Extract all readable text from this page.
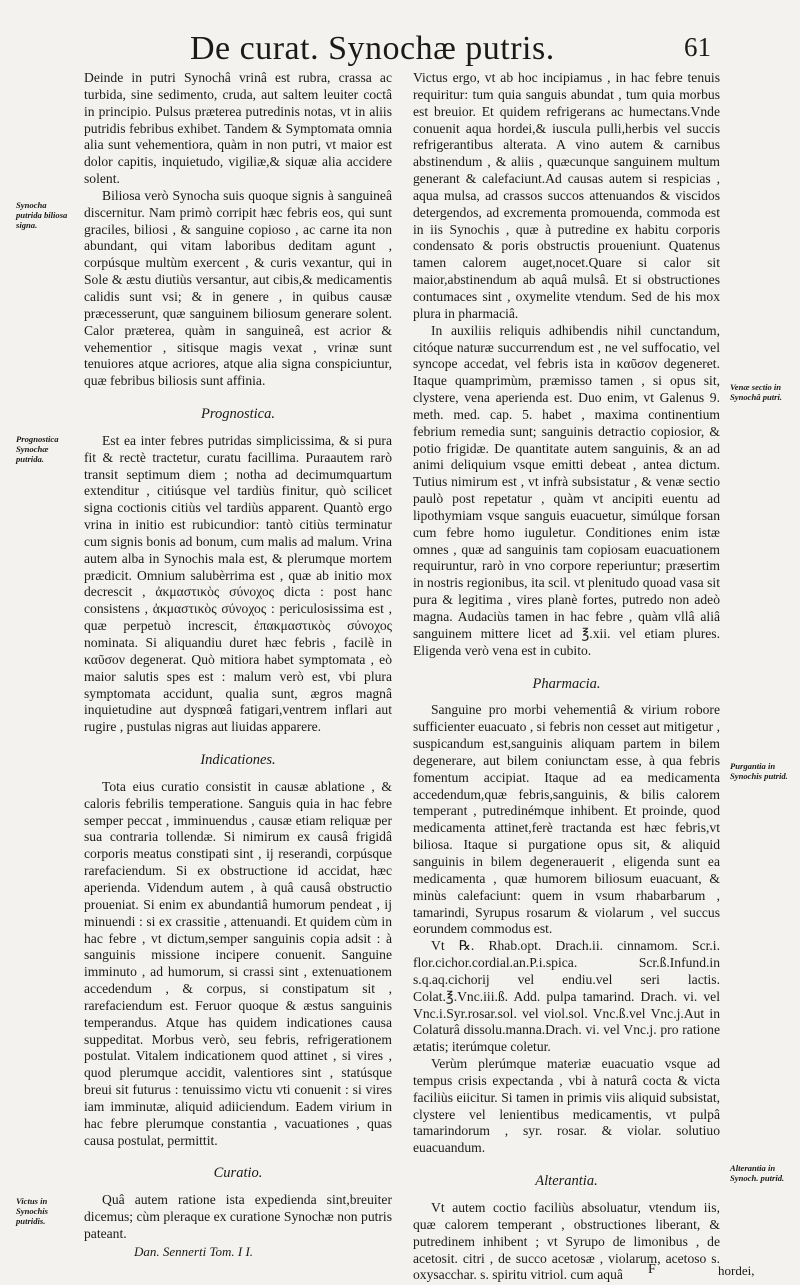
De curat. Synochæ putris.	61
Synocha putrida biliosa signa.
Prognostica Synochæ putrida.
Victus in Synochis putridis.
Venæ sectio in Synochâ putri.
Purgantia in Synochis putrid.
Alterantia in Synoch. putrid.

Deinde in putri Synochâ vrinâ est rubra, crassa ac turbida, sine sedimento, cruda, aut saltem leuiter coctâ in principio. Pulsus præterea putredinis notas, vt in aliis putridis febribus exhibet. Tandem & Symptomata omnia alia sunt vehementiora, quàm in non putri, vt maior est dolor capitis, inquietudo, vigiliæ,& siquæ alia accidere solent.

Biliosa verò Synocha suis quoque signis à sanguineâ discernitur. Nam primò corripit hæc febris eos, qui sunt graciles, biliosi , & sanguine copioso , ac carne ita non abundant, qui vitam laboribus deditam agunt , corpúsque multùm exercent , & curis vexantur, qui in Sole & æstu diutiùs versantur, aut cibis,& medicamentis calidis sunt vsi; & in genere , in quibus causæ præcesserunt, quæ sanguinem biliosum generare solent. Calor præterea, quàm in sanguineâ, est acrior & vehementior , sitisque magis vexat , vrinæ sunt tenuiores atque acriores, atque alia signa conspiciuntur, quæ febribus biliosis sunt affinia.

Prognostica.

Est ea inter febres putridas simplicissima, & si pura fit & rectè tractetur, curatu facillima. Puraautem rarò transit septimum diem ; notha ad decimumquartum extenditur , citiúsque vel tardiùs finitur, quò scilicet signa coctionis citiùs vel tardiùs apparent. Quantò ergo vrina in initio est rubicundior: tantò citiùs terminatur cum signis bonis ad bonum, cum malis ad malum. Vrina autem alba in Synochis mala est, & plerumque mortem prædicit. Omnium salubèrrima est , quæ ab initio mox decrescit , ἀκμαστικὸς σύνοχος dicta : post hanc consistens , ἀκμαστικὸς σύνοχος : periculosissima est , quæ perpetuò increscit, ἐπακμαστικὸς σύνοχος nominata. Si aliquandiu duret hæc febris , facilè in καῦσον degenerat. Quò mitiora habet symptomata , eò maior salutis spes est : malum verò est, vbi plura symptomata accidunt, qualia sunt, ægros magnâ inquietudine aut dyspnœâ fatigari,ventrem inflari aut rugire , pustulas nigras aut liuidas apparere.

Indicationes.

Tota eius curatio consistit in causæ ablatione , & caloris febrilis temperatione. Sanguis quia in hac febre semper peccat , imminuendus , causæ etiam reliquæ per sua contraria tollendæ. Si nimirum ex causâ frigidâ corporis meatus constipati sint , ij reserandi, corpúsque rarefaciendum. Si ex obstructione id accidat, hæc aperienda. Videndum autem , à quâ causâ obstructio proueniat. Si enim ex abundantiâ humorum pendeat , ij minuendi : si ex crassitie , attenuandi. Et quidem cùm in hac febre , vt dictum,semper sanguinis copia adsit : à sanguinis missione incipere conuenit. Sanguine imminuto , ad humorum, si crassi sint , extenuationem accedendum , & corpus, si constipatum sit , rarefaciendum est. Feruor quoque & æstus sanguinis temperandus. Atque has quidem indicationes causa suppeditat. Morbus verò, seu febris, refrigerationem postulat. Vitalem indicationem quod attinet , si vires , quod plerumque accidit, valentiores sint , statúsque breui sit futurus : tenuissimo victu vti conuenit : si vires iam imminutæ, aliquid adiiciendum. Eadem virium in hac febre plerumque constantia , vacuationes , quas causa postulat, permittit.

Curatio.

Quâ autem ratione ista expedienda sint,breuiter dicemus; cùm pleraque ex curatione Synochæ non putris pateant.

Victus ergo, vt ab hoc incipiamus , in hac febre tenuis requiritur: tum quia sanguis abundat , tum quia morbus est breuior. Et quidem refrigerans ac humectans.Vnde conuenit aqua hordei,& iuscula pulli,herbis vel succis refrigerantibus alterata. A vino autem & carnibus abstinendum , & aliis , quæcunque sanguinem multum generant & calefaciunt.Ad causas autem si respicias , aqua mulsa, ad crassos succos attenuandos & viscidos detergendos, ad excrementa promouenda, commoda est in iis Synochis , quæ à putredine ex habitu corporis condensato & poris obstructis proueniunt. Quatenus tamen calorem auget,nocet.Quare si calor sit maior,abstinendum ab aquâ mulsâ. Et si obstructiones contumaces sint , oxymelite vtendum. Sed de his mox plura in pharmaciâ.

In auxiliis reliquis adhibendis nihil cunctandum, citóque naturæ succurrendum est , ne vel suffocatio, vel syncope accedat, vel febris ista in καῦσον degeneret. Itaque quamprimùm, præmisso tamen , si opus sit, clystere, vena aperienda est. Duo enim, vt Galenus 9. meth. med. cap. 5. habet , maxima continentium febrium remedia sunt; sanguinis detractio copiosior, & potio frigidæ. De quantitate autem sanguinis, & an ad animi deliquium vsque emitti debeat , antea dictum. Tutius nimirum est , vt infrà subsistatur , & venæ sectio paulò post repetatur , quàm vt ancipiti euentu ad lipothymiam vsque sanguis euacuetur, simúlque forsan cum febre homo iuguletur. Conditiones enim istæ omnes , quæ ad sanguinis tam copiosam euacuationem requiruntur, rarò in vno corpore reperiuntur; præsertim in nostris regionibus, ita scil. vt plenitudo quoad vasa sit pura & legitima , vires planè fortes, putredo non adeò magna. Audaciùs tamen in hac febre , quàm vllâ aliâ sanguinem mittere licet ad ℥.xii. vel etiam plures. Eligenda verò vena est in cubito.

Pharmacia.

Sanguine pro morbi vehementiâ & virium robore sufficienter euacuato , si febris non cesset aut mitigetur , suspicandum est,sanguinis aliquam partem in bilem degenerare, aut bilem coniunctam esse, à qua febris fomentum accipiat. Itaque ad ea medicamenta accedendum,quæ febris,sanguinis, & bilis calorem temperant , putredinémque inhibent. Et proinde, quod medicamenta attinet,ferè tractanda est hæc febris,vt biliosa. Itaque si purgatione opus sit, & aliquid sanguinis in bilem degenerauerit , eligenda sunt ea medicamenta , quæ humorem biliosum euacuant, & minùs calefaciunt: quem in vsum rhabarbarum , tamarindi, Syrupus rosarum & violarum , vel succus eorundem commodus est.

Vt ℞. Rhab.opt. Drach.ii. cinnamom. Scr.i. flor.cichor.cordial.an.P.i.spica. Scr.ß.Infund.in s.q.aq.cichorij vel endiu.vel seri lactis. Colat.℥.Vnc.iii.ß. Add. pulpa tamarind. Drach. vi. vel Vnc.i.Syr.rosar.sol. vel viol.sol. Vnc.ß.vel Vnc.j.Aut in Colaturâ dissolu.manna.Drach. vi. vel Vnc.j. pro ratione ætatis; iterúmque coletur.

Verùm plerúmque materiæ euacuatio vsque ad tempus crisis expectanda , vbi à naturâ cocta & victa faciliùs eiicitur. Si tamen in primis viis aliquid subsistat, clystere vel lenientibus medicamentis, vt pulpâ tamarindorum , syr. rosar. & violar. solutiuo euacuandum.

Alterantia.

Vt autem coctio faciliùs absoluatur, vtendum iis, quæ calorem temperant , obstructiones liberant, & putredinem inhibent ; vt Syrupo de limonibus , de acetosit. citri , de succo acetosæ , violarum, acetoso s. oxysacchar. s. spiritu vitriol. cum aquâ

Dan. Sennerti Tom. I I.
F	hordei,
